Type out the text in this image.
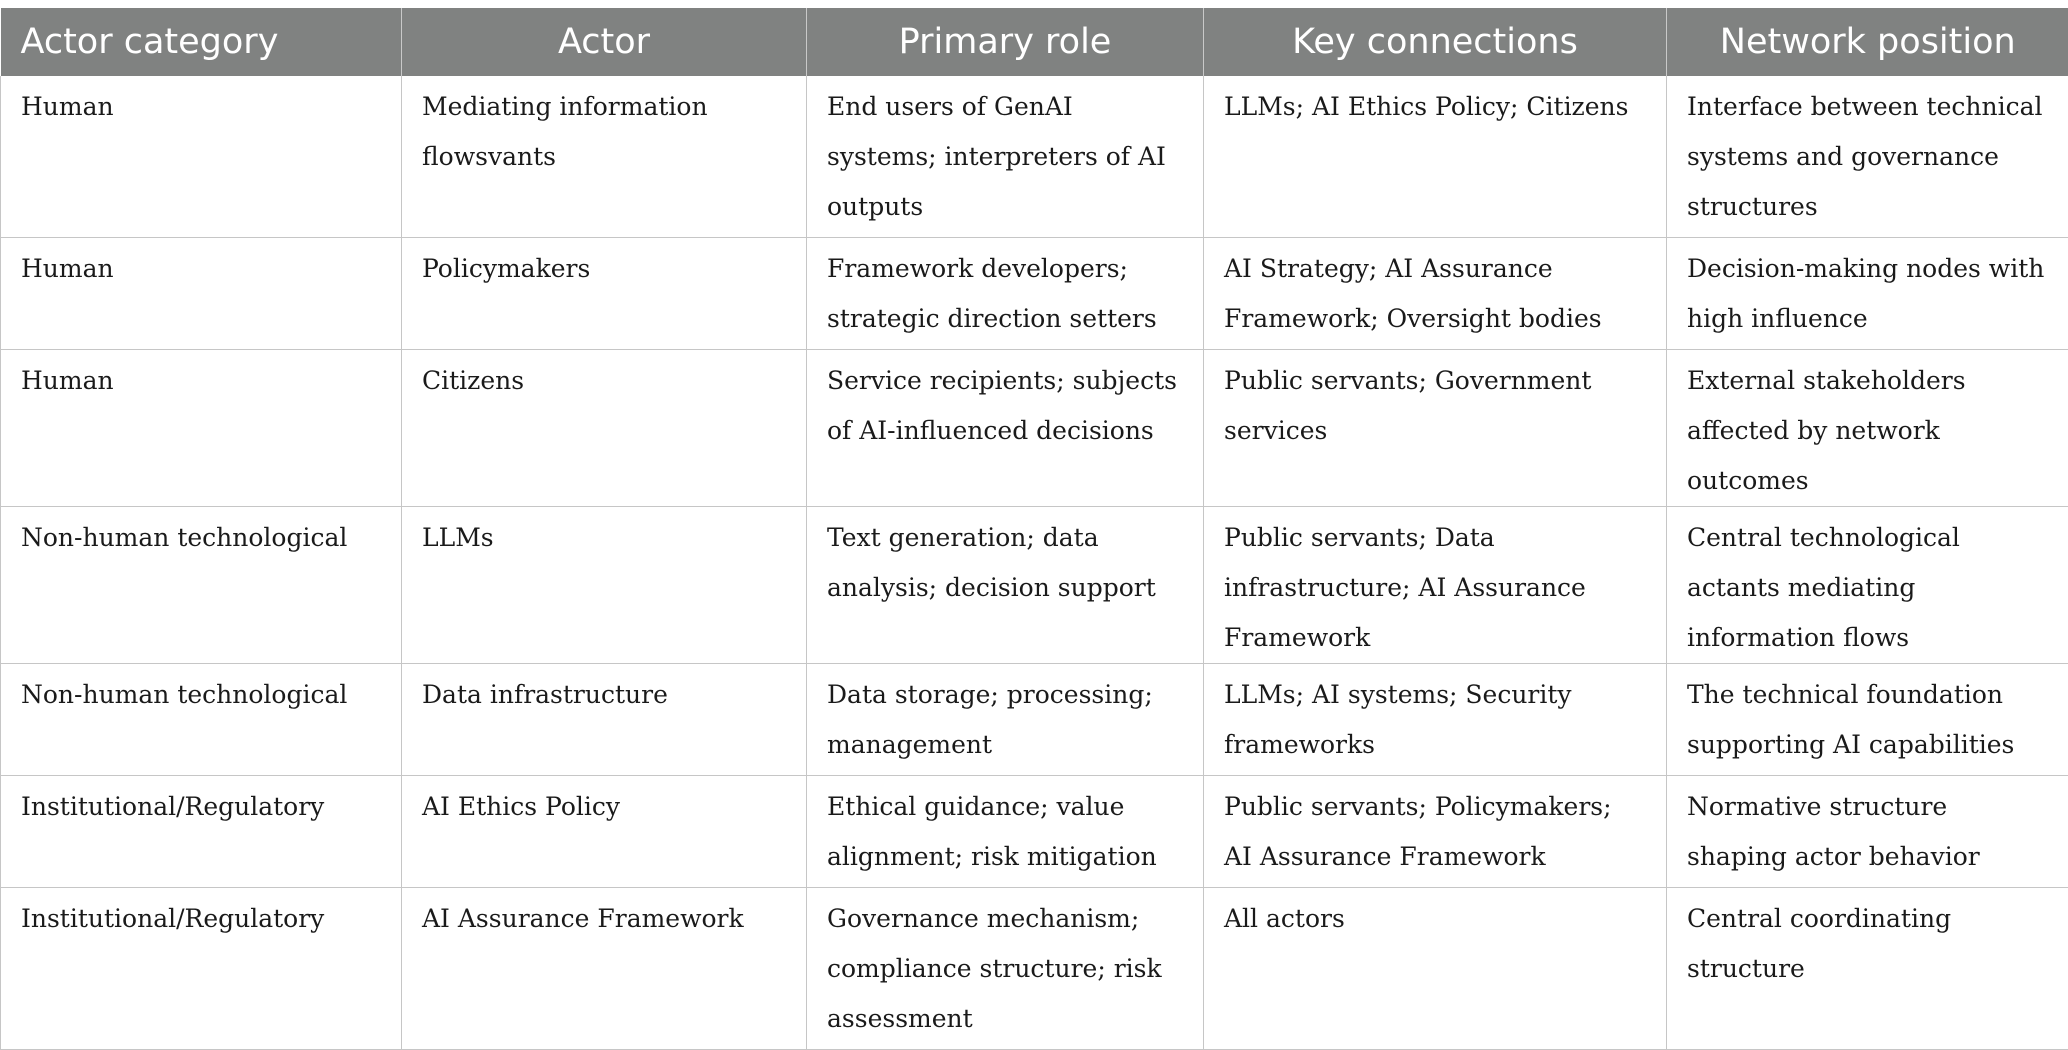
Actor category	Actor	Primary role	Key connections	Network position
Human	Mediating information flowsvants	End users of GenAI systems; interpreters of AI outputs	LLMs; AI Ethics Policy; Citizens	Interface between technical systems and governance structures
Human	Policymakers	Framework developers; strategic direction setters	AI Strategy; AI Assurance Framework; Oversight bodies	Decision-making nodes with high influence
Human	Citizens	Service recipients; subjects of AI-influenced decisions	Public servants; Government services	External stakeholders affected by network outcomes
Non-human technological	LLMs	Text generation; data analysis; decision support	Public servants; Data infrastructure; AI Assurance Framework	Central technological actants mediating information flows
Non-human technological	Data infrastructure	Data storage; processing; management	LLMs; AI systems; Security frameworks	The technical foundation supporting AI capabilities
Institutional/Regulatory	AI Ethics Policy	Ethical guidance; value alignment; risk mitigation	Public servants; Policymakers; AI Assurance Framework	Normative structure shaping actor behavior
Institutional/Regulatory	AI Assurance Framework	Governance mechanism; compliance structure; risk assessment	All actors	Central coordinating structure
